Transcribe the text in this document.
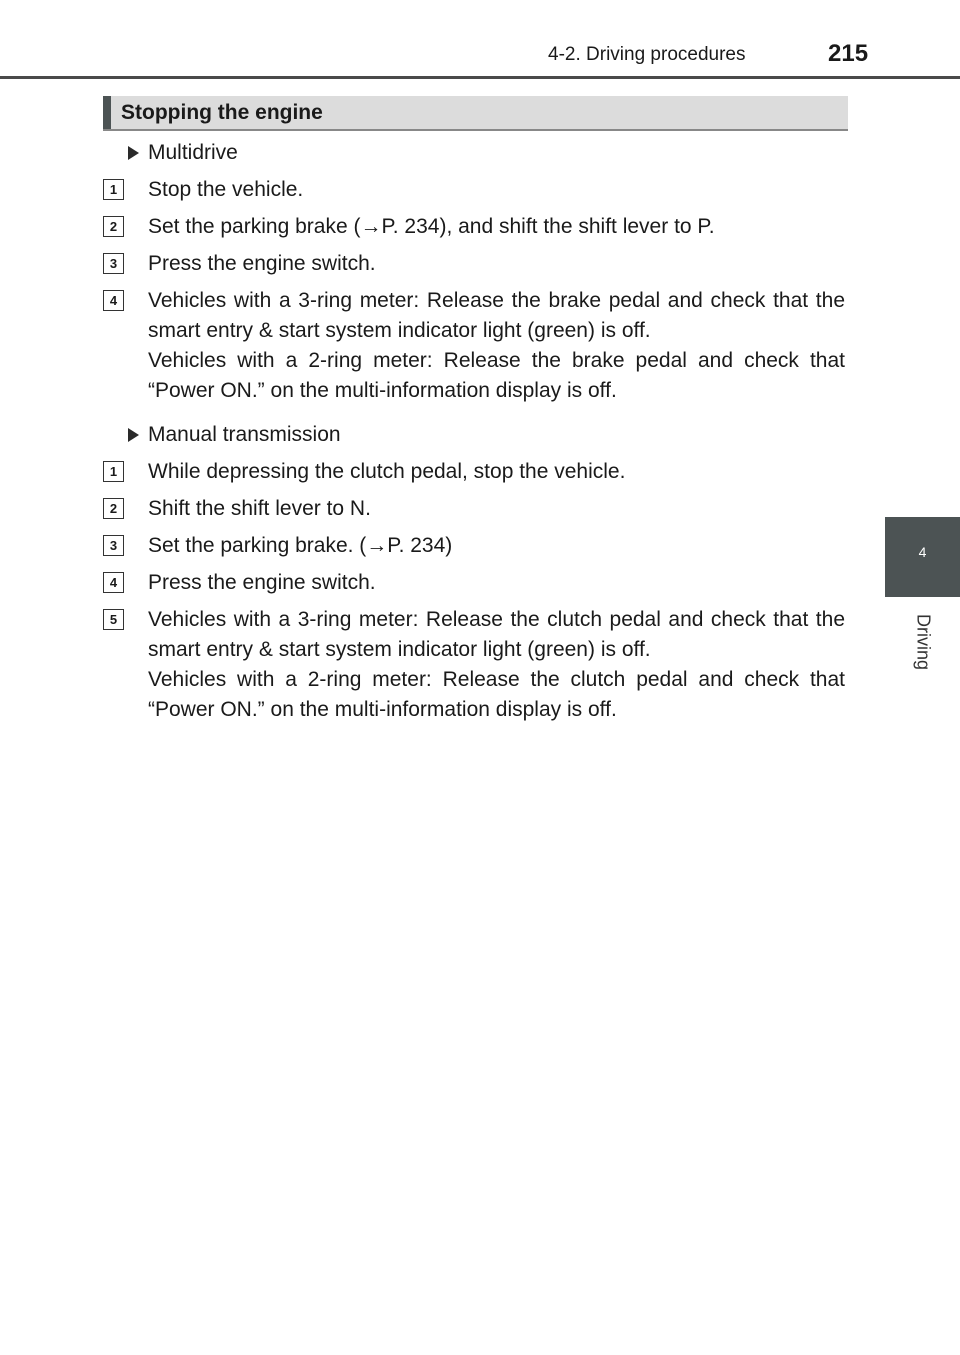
4-2. Driving procedures	215
4
Driving
Stopping the engine
Multidrive
1	Stop the vehicle.

2	Set the parking brake (→P. 234), and shift the shift lever to P.

3	Press the engine switch.

4	Vehicles with a 3-ring meter: Release the brake pedal and check that the smart entry & start system indicator light (green) is off.

Vehicles with a 2-ring meter: Release the brake pedal and check that “Power ON.” on the multi-information display is off.

Manual transmission
1	While depressing the clutch pedal, stop the vehicle.

2	Shift the shift lever to N.

3	Set the parking brake. (→P. 234)

4	Press the engine switch.

5	Vehicles with a 3-ring meter: Release the clutch pedal and check that the smart entry & start system indicator light (green) is off.

Vehicles with a 2-ring meter: Release the clutch pedal and check that “Power ON.” on the multi-information display is off.
